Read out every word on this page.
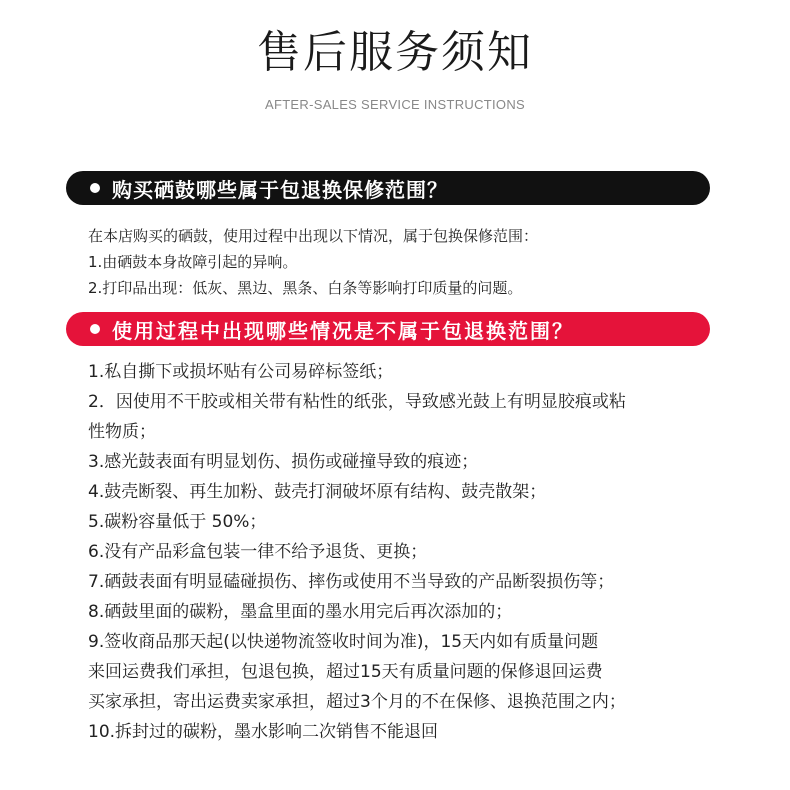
售后服务须知
AFTER-SALES SERVICE INSTRUCTIONS
购买硒鼓哪些属于包退换保修范围？
在本店购买的硒鼓，使用过程中出现以下情况，属于包换保修范围：
1.由硒鼓本身故障引起的异响。
2.打印品出现：低灰、黑边、黑条、白条等影响打印质量的问题。
使用过程中出现哪些情况是不属于包退换范围？
1.私自撕下或损坏贴有公司易碎标签纸；
2．因使用不干胶或相关带有粘性的纸张，导致感光鼓上有明显胶痕或粘
性物质；
3.感光鼓表面有明显划伤、损伤或碰撞导致的痕迹；
4.鼓壳断裂、再生加粉、鼓壳打洞破坏原有结构、鼓壳散架；
5.碳粉容量低于 50%；
6.没有产品彩盒包装一律不给予退货、更换；
7.硒鼓表面有明显磕碰损伤、摔伤或使用不当导致的产品断裂损伤等；
8.硒鼓里面的碳粉，墨盒里面的墨水用完后再次添加的；
9.签收商品那天起(以快递物流签收时间为准)，15天内如有质量问题
来回运费我们承担，包退包换，超过15天有质量问题的保修退回运费
买家承担，寄出运费卖家承担，超过3个月的不在保修、退换范围之内；
10.拆封过的碳粉，墨水影响二次销售不能退回
